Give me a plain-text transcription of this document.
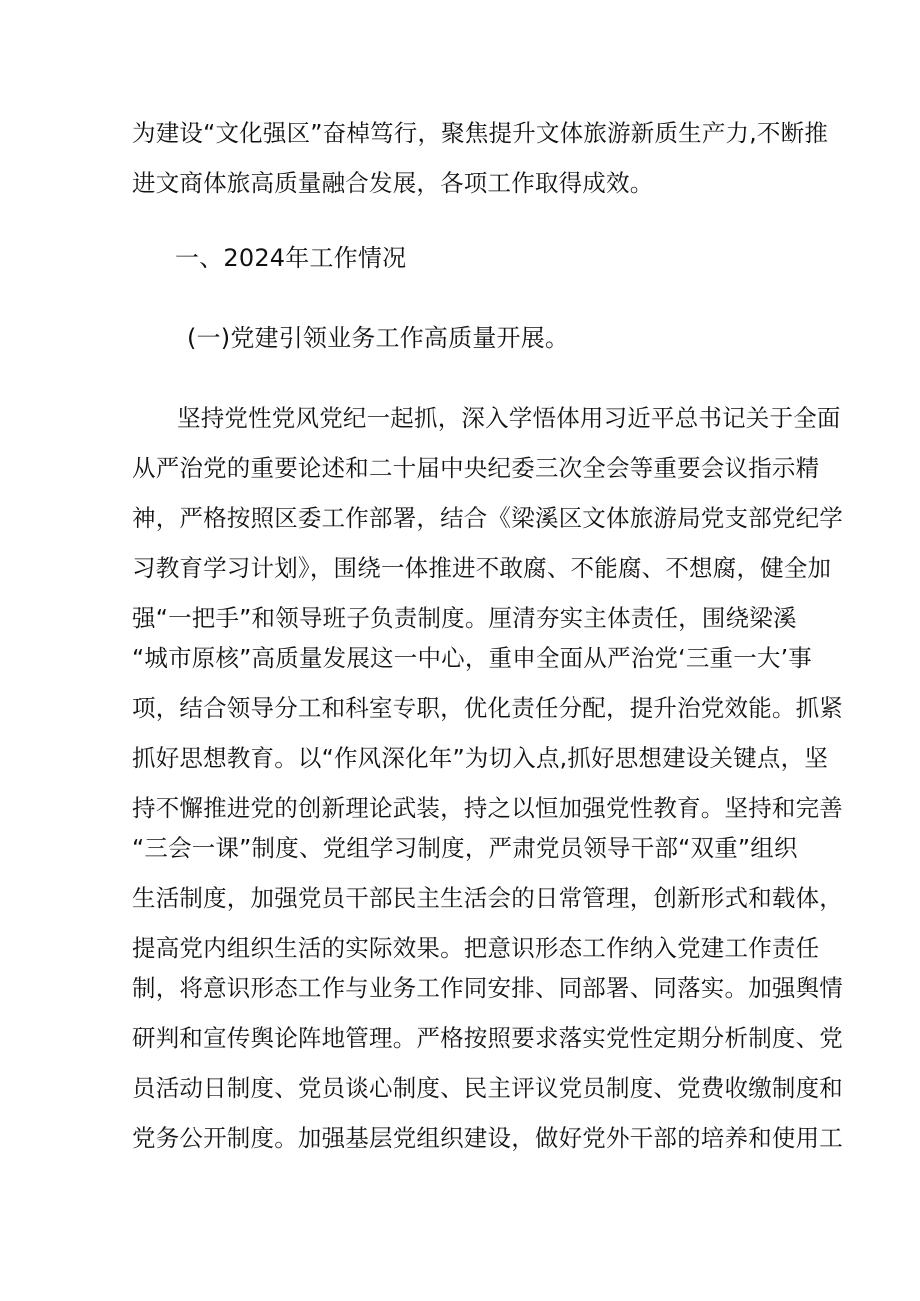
为建设“文化强区”奋棹笃行，聚焦提升文体旅游新质生产力,不断推
进文商体旅高质量融合发展，各项工作取得成效。
一、2024年工作情况
(一)党建引领业务工作高质量开展。
坚持党性党风党纪一起抓，深入学悟体用习近平总书记关于全面
从严治党的重要论述和二十届中央纪委三次全会等重要会议指示精
神，严格按照区委工作部署，结合《梁溪区文体旅游局党支部党纪学
习教育学习计划》，围绕一体推进不敢腐、不能腐、不想腐，健全加
强“一把手”和领导班子负责制度。厘清夯实主体责任，围绕梁溪
“城市原核”高质量发展这一中心，重申全面从严治党‘三重一大’事
项，结合领导分工和科室专职，优化责任分配，提升治党效能。抓紧
抓好思想教育。以“作风深化年”为切入点,抓好思想建设关键点，坚
持不懈推进党的创新理论武装，持之以恒加强党性教育。坚持和完善
“三会一课”制度、党组学习制度，严肃党员领导干部“双重”组织
生活制度，加强党员干部民主生活会的日常管理，创新形式和载体，
提高党内组织生活的实际效果。把意识形态工作纳入党建工作责任
制，将意识形态工作与业务工作同安排、同部署、同落实。加强舆情
研判和宣传舆论阵地管理。严格按照要求落实党性定期分析制度、党
员活动日制度、党员谈心制度、民主评议党员制度、党费收缴制度和
党务公开制度。加强基层党组织建设，做好党外干部的培养和使用工
